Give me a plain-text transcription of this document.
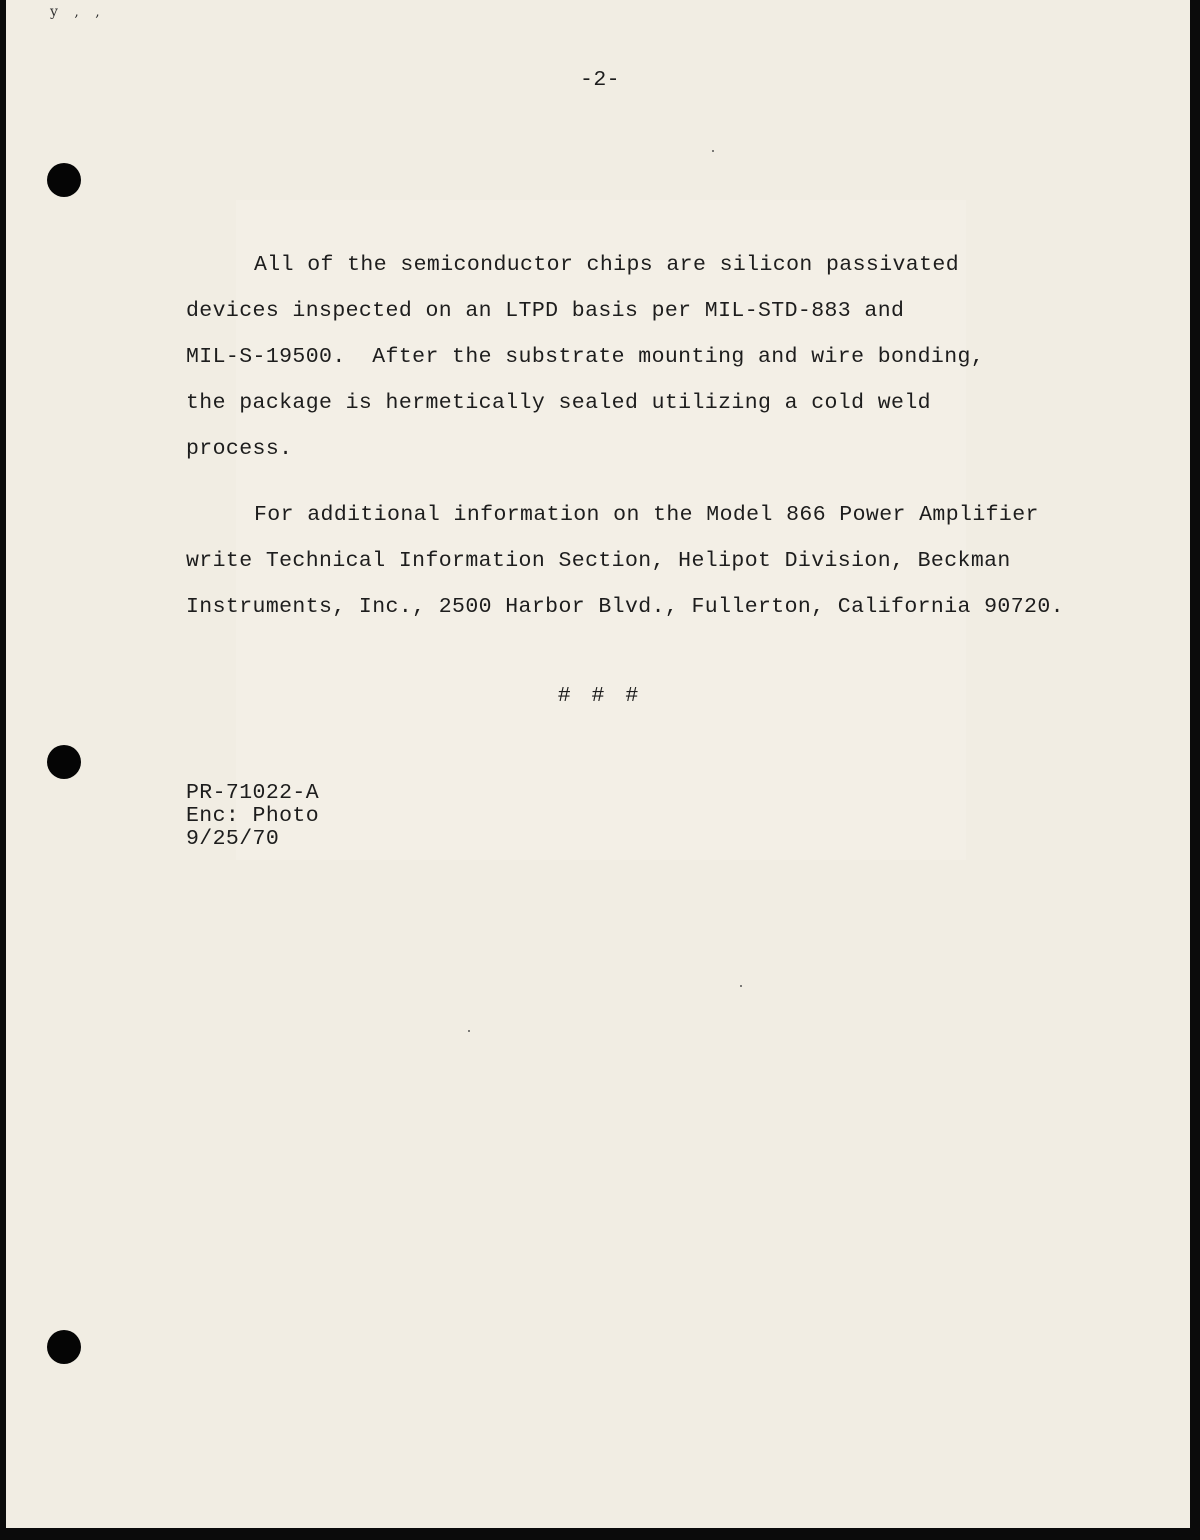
y , ,
-2-
All of the semiconductor chips are silicon passivated
devices inspected on an LTPD basis per MIL-STD-883 and
MIL-S-19500.  After the substrate mounting and wire bonding,
the package is hermetically sealed utilizing a cold weld
process.
For additional information on the Model 866 Power Amplifier
write Technical Information Section, Helipot Division, Beckman
Instruments, Inc., 2500 Harbor Blvd., Fullerton, California 90720.
# # #
PR-71022-A
Enc: Photo
9/25/70
